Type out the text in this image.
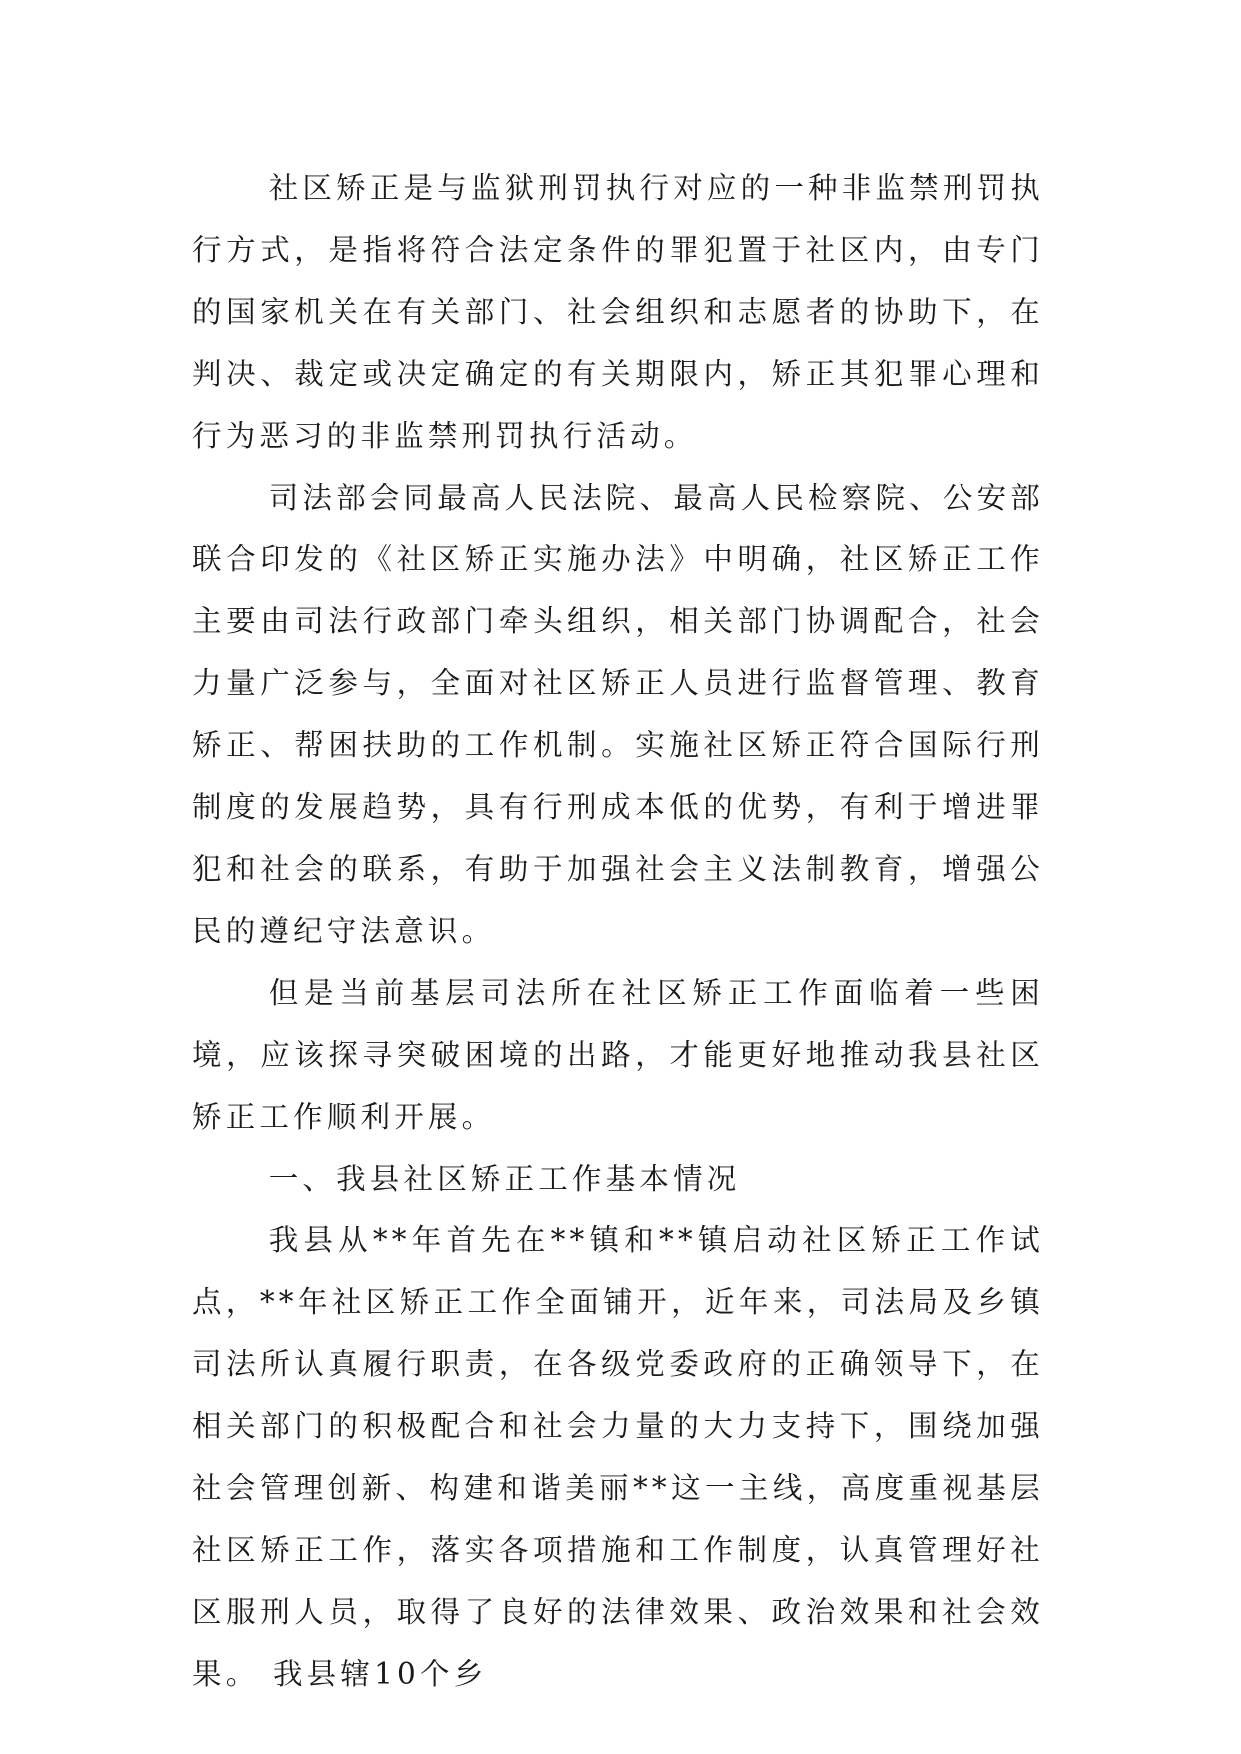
社区矫正是与监狱刑罚执行对应的一种非监禁刑罚执行方式，是指将符合法定条件的罪犯置于社区内，由专门的国家机关在有关部门、社会组织和志愿者的协助下，在判决、裁定或决定确定的有关期限内，矫正其犯罪心理和行为恶习的非监禁刑罚执行活动。

司法部会同最高人民法院、最高人民检察院、公安部联合印发的《社区矫正实施办法》中明确，社区矫正工作主要由司法行政部门牵头组织，相关部门协调配合，社会力量广泛参与，全面对社区矫正人员进行监督管理、教育矫正、帮困扶助的工作机制。实施社区矫正符合国际行刑制度的发展趋势，具有行刑成本低的优势，有利于增进罪犯和社会的联系，有助于加强社会主义法制教育，增强公民的遵纪守法意识。

但是当前基层司法所在社区矫正工作面临着一些困境，应该探寻突破困境的出路，才能更好地推动我县社区矫正工作顺利开展。

一、我县社区矫正工作基本情况

我县从**年首先在**镇和**镇启动社区矫正工作试点，**年社区矫正工作全面铺开，近年来，司法局及乡镇司法所认真履行职责，在各级党委政府的正确领导下，在相关部门的积极配合和社会力量的大力支持下，围绕加强社会管理创新、构建和谐美丽**这一主线，高度重视基层社区矫正工作，落实各项措施和工作制度，认真管理好社区服刑人员，取得了良好的法律效果、政治效果和社会效果。 我县辖10个乡
